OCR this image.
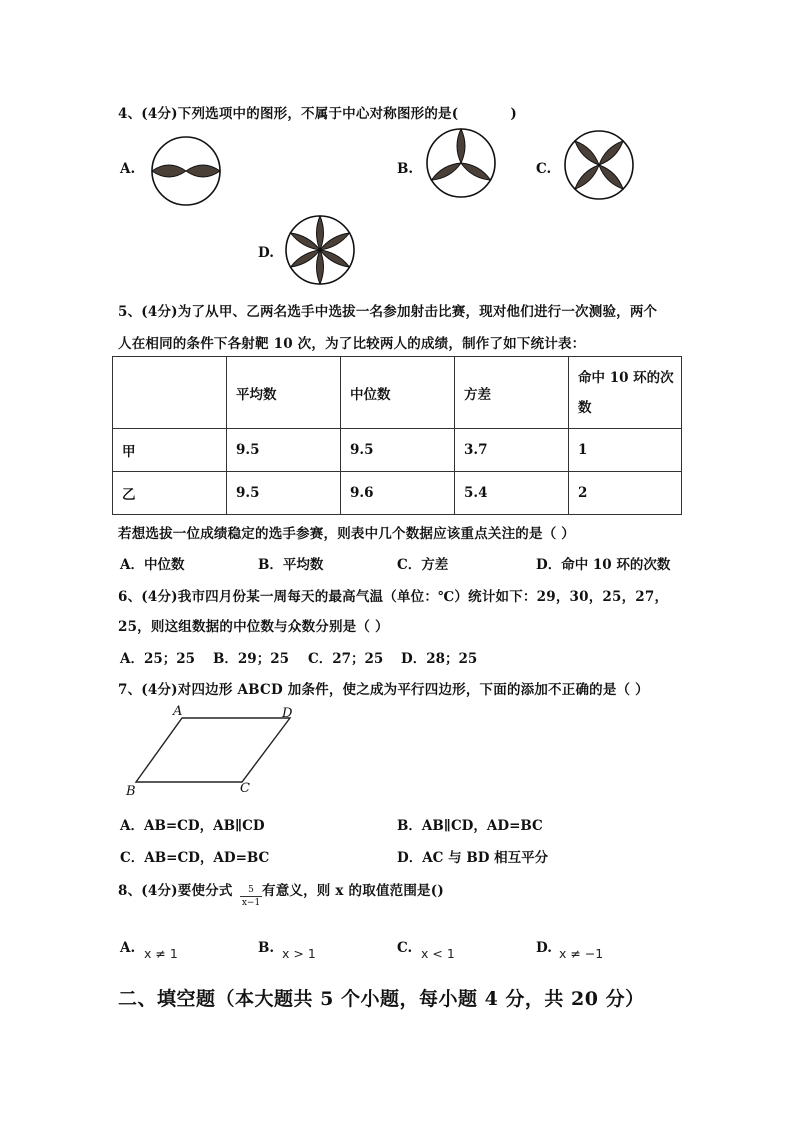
4、(4分)下列选项中的图形，不属于中心对称图形的是(	)
A.	B.	C.
D.
5、(4分)为了从甲、乙两名选手中选拔一名参加射击比赛，现对他们进行一次测验，两个
人在相同的条件下各射靶 10 次，为了比较两人的成绩，制作了如下统计表：
	平均数	中位数	方差	命中 10 环的次
数

甲	9.5	9.5	3.7	1
乙	9.5	9.6	5.4	2
若想选拔一位成绩稳定的选手参赛，则表中几个数据应该重点关注的是（ ）
A．中位数	B．平均数	C．方差	D．命中 10 环的次数
6、(4分)我市四月份某一周每天的最高气温（单位：℃）统计如下：29，30，25，27，
25，则这组数据的中位数与众数分别是（ ）
A．25；25 B．29；25 C．27；25 D．28；25
7、(4分)对四边形 ABCD 加条件，使之成为平行四边形，下面的添加不正确的是（ ）
A	D
B	C
A．AB=CD，AB∥CD	B．AB∥CD，AD=BC
C．AB=CD，AD=BC	D．AC 与 BD 相互平分
8、(4分)要使分式 $\frac{5}{x-1}$ 有意义，则 x 的取值范围是()
A. x ≠ 1	B. x > 1	C. x < 1	D. x ≠ −1
二、填空题（本大题共 5 个小题，每小题 4 分，共 20 分）
